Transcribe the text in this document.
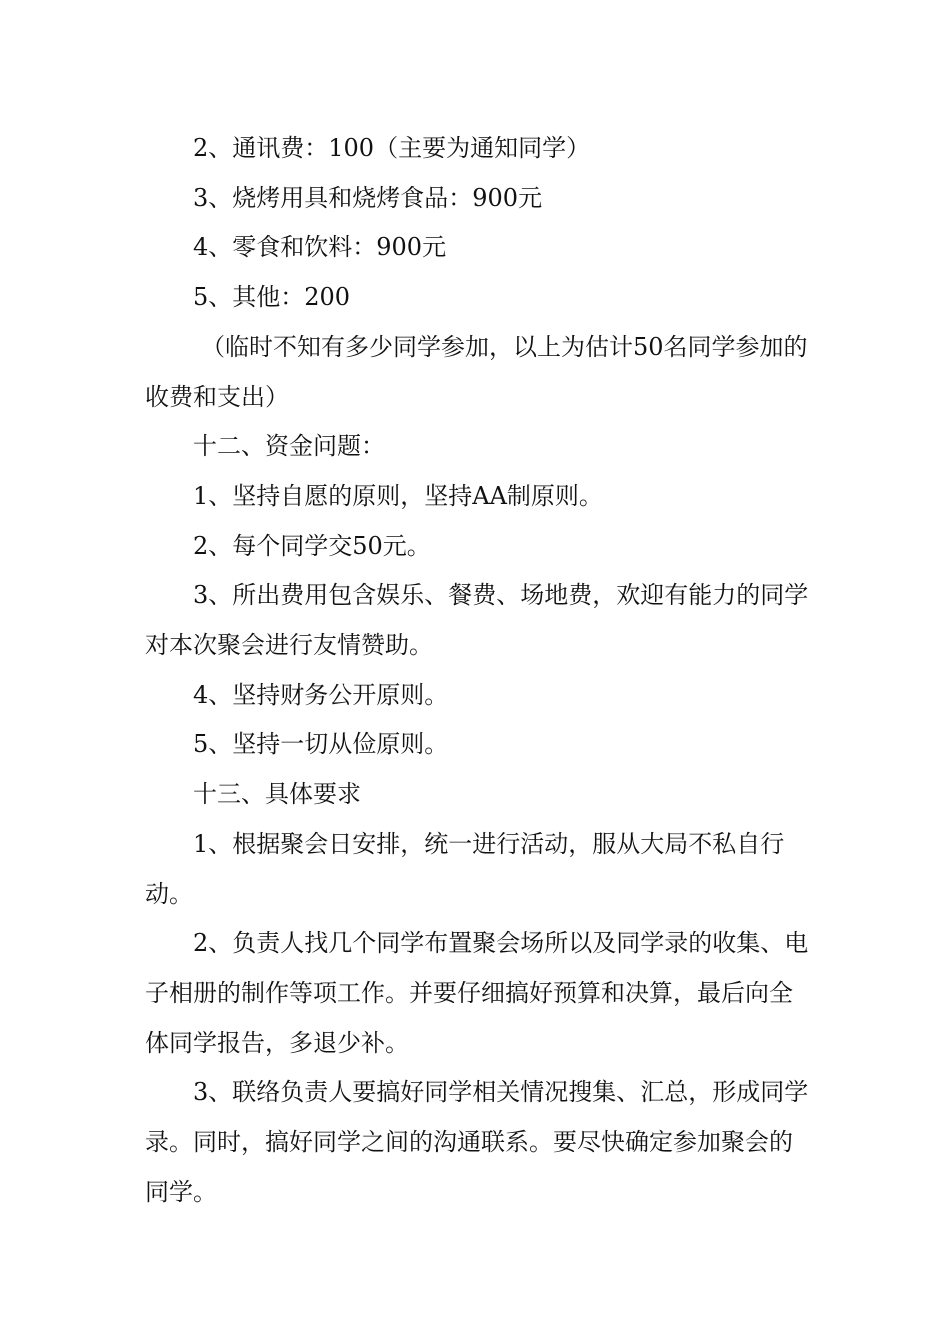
2、通讯费：100（主要为通知同学）

3、烧烤用具和烧烤食品：900元

4、零食和饮料：900元

5、其他：200

（临时不知有多少同学参加，以上为估计50名同学参加的收费和支出）

十二、资金问题：

1、坚持自愿的原则，坚持AA制原则。

2、每个同学交50元。

3、所出费用包含娱乐、餐费、场地费，欢迎有能力的同学对本次聚会进行友情赞助。

4、坚持财务公开原则。

5、坚持一切从俭原则。

十三、具体要求

1、根据聚会日安排，统一进行活动，服从大局不私自行动。

2、负责人找几个同学布置聚会场所以及同学录的收集、电子相册的制作等项工作。并要仔细搞好预算和决算，最后向全体同学报告，多退少补。

3、联络负责人要搞好同学相关情况搜集、汇总，形成同学录。同时，搞好同学之间的沟通联系。要尽快确定参加聚会的同学。
